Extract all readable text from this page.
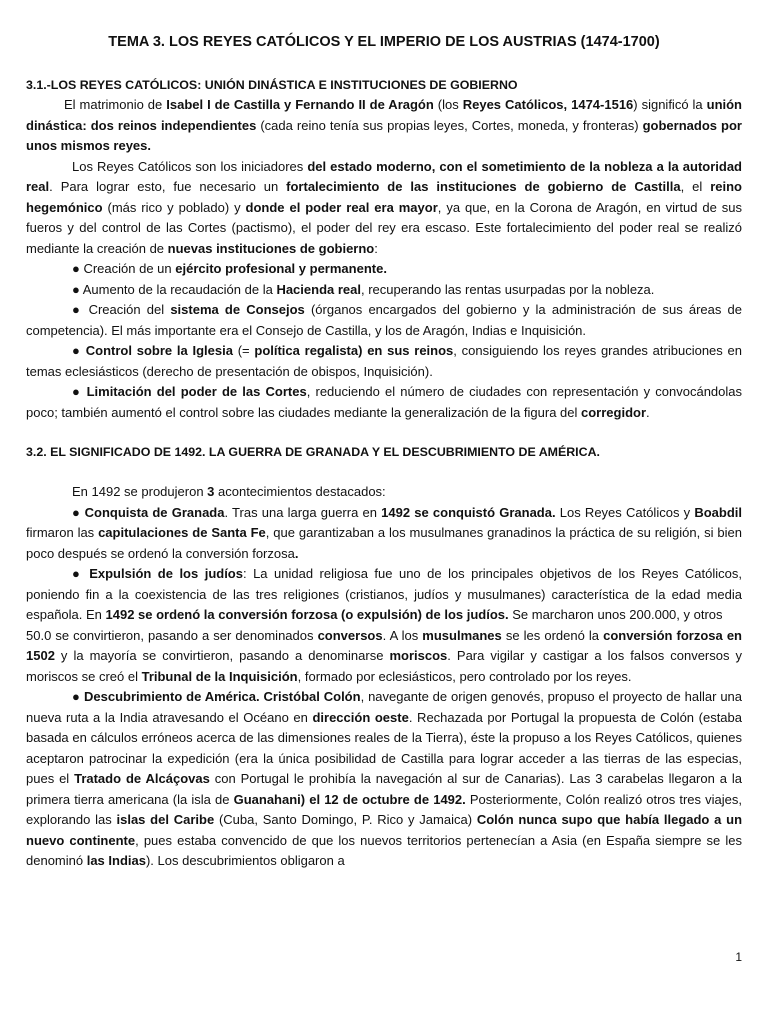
TEMA 3. LOS REYES CATÓLICOS Y EL IMPERIO DE LOS AUSTRIAS (1474-1700)
3.1.-LOS REYES CATÓLICOS: UNIÓN DINÁSTICA E INSTITUCIONES DE GOBIERNO

El matrimonio de Isabel I de Castilla y Fernando II de Aragón (los Reyes Católicos, 1474-1516) significó la unión dinástica: dos reinos independientes (cada reino tenía sus propias leyes, Cortes, moneda, y fronteras) gobernados por unos mismos reyes.

Los Reyes Católicos son los iniciadores del estado moderno, con el sometimiento de la nobleza a la autoridad real. Para lograr esto, fue necesario un fortalecimiento de las instituciones de gobierno de Castilla, el reino hegemónico (más rico y poblado) y donde el poder real era mayor, ya que, en la Corona de Aragón, en virtud de sus fueros y del control de las Cortes (pactismo), el poder del rey era escaso. Este fortalecimiento del poder real se realizó mediante la creación de nuevas instituciones de gobierno:

● Creación de un ejército profesional y permanente.

● Aumento de la recaudación de la Hacienda real, recuperando las rentas usurpadas por la nobleza.

● Creación del sistema de Consejos (órganos encargados del gobierno y la administración de sus áreas de competencia). El más importante era el Consejo de Castilla, y los de Aragón, Indias e Inquisición.

● Control sobre la Iglesia (= política regalista) en sus reinos, consiguiendo los reyes grandes atribuciones en temas eclesiásticos (derecho de presentación de obispos, Inquisición).

● Limitación del poder de las Cortes, reduciendo el número de ciudades con representación y convocándolas poco; también aumentó el control sobre las ciudades mediante la generalización de la figura del corregidor.

3.2. EL SIGNIFICADO DE 1492. LA GUERRA DE GRANADA Y EL DESCUBRIMIENTO DE AMÉRICA.

En 1492 se produjeron 3 acontecimientos destacados:

● Conquista de Granada. Tras una larga guerra en 1492 se conquistó Granada. Los Reyes Católicos y Boabdil firmaron las capitulaciones de Santa Fe, que garantizaban a los musulmanes granadinos la práctica de su religión, si bien poco después se ordenó la conversión forzosa.

● Expulsión de los judíos: La unidad religiosa fue uno de los principales objetivos de los Reyes Católicos, poniendo fin a la coexistencia de las tres religiones (cristianos, judíos y musulmanes) característica de la edad media española. En 1492 se ordenó la conversión forzosa (o expulsión) de los judíos. Se marcharon unos 200.000, y otros

50.0 se convirtieron, pasando a ser denominados conversos. A los musulmanes se les ordenó la conversión forzosa en 1502 y la mayoría se convirtieron, pasando a denominarse moriscos. Para vigilar y castigar a los falsos conversos y moriscos se creó el Tribunal de la Inquisición, formado por eclesiásticos, pero controlado por los reyes.

● Descubrimiento de América. Cristóbal Colón, navegante de origen genovés, propuso el proyecto de hallar una nueva ruta a la India atravesando el Océano en dirección oeste. Rechazada por Portugal la propuesta de Colón (estaba basada en cálculos erróneos acerca de las dimensiones reales de la Tierra), éste la propuso a los Reyes Católicos, quienes aceptaron patrocinar la expedición (era la única posibilidad de Castilla para lograr acceder a las tierras de las especias, pues el Tratado de Alcáçovas con Portugal le prohibía la navegación al sur de Canarias). Las 3 carabelas llegaron a la primera tierra americana (la isla de Guanahani) el 12 de octubre de 1492. Posteriormente, Colón realizó otros tres viajes, explorando las islas del Caribe (Cuba, Santo Domingo, P. Rico y Jamaica) Colón nunca supo que había llegado a un nuevo continente, pues estaba convencido de que los nuevos territorios pertenecían a Asia (en España siempre se les denominó las Indias). Los descubrimientos obligaron a

1
